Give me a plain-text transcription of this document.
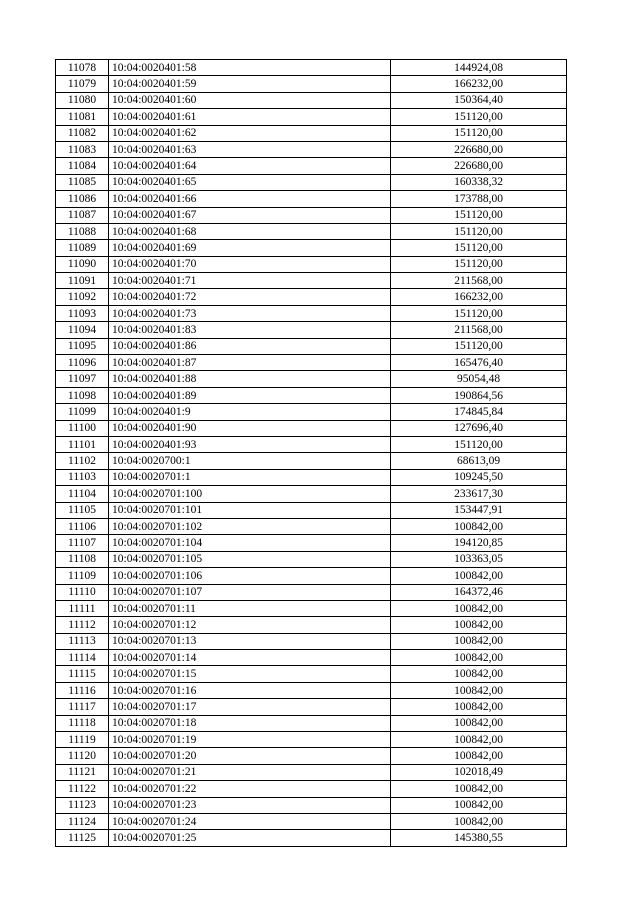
11078	10:04:0020401:58	144924,08
11079	10:04:0020401:59	166232,00
11080	10:04:0020401:60	150364,40
11081	10:04:0020401:61	151120,00
11082	10:04:0020401:62	151120,00
11083	10:04:0020401:63	226680,00
11084	10:04:0020401:64	226680,00
11085	10:04:0020401:65	160338,32
11086	10:04:0020401:66	173788,00
11087	10:04:0020401:67	151120,00
11088	10:04:0020401:68	151120,00
11089	10:04:0020401:69	151120,00
11090	10:04:0020401:70	151120,00
11091	10:04:0020401:71	211568,00
11092	10:04:0020401:72	166232,00
11093	10:04:0020401:73	151120,00
11094	10:04:0020401:83	211568,00
11095	10:04:0020401:86	151120,00
11096	10:04:0020401:87	165476,40
11097	10:04:0020401:88	95054,48
11098	10:04:0020401:89	190864,56
11099	10:04:0020401:9	174845,84
11100	10:04:0020401:90	127696,40
11101	10:04:0020401:93	151120,00
11102	10:04:0020700:1	68613,09
11103	10:04:0020701:1	109245,50
11104	10:04:0020701:100	233617,30
11105	10:04:0020701:101	153447,91
11106	10:04:0020701:102	100842,00
11107	10:04:0020701:104	194120,85
11108	10:04:0020701:105	103363,05
11109	10:04:0020701:106	100842,00
11110	10:04:0020701:107	164372,46
11111	10:04:0020701:11	100842,00
11112	10:04:0020701:12	100842,00
11113	10:04:0020701:13	100842,00
11114	10:04:0020701:14	100842,00
11115	10:04:0020701:15	100842,00
11116	10:04:0020701:16	100842,00
11117	10:04:0020701:17	100842,00
11118	10:04:0020701:18	100842,00
11119	10:04:0020701:19	100842,00
11120	10:04:0020701:20	100842,00
11121	10:04:0020701:21	102018,49
11122	10:04:0020701:22	100842,00
11123	10:04:0020701:23	100842,00
11124	10:04:0020701:24	100842,00
11125	10:04:0020701:25	145380,55
